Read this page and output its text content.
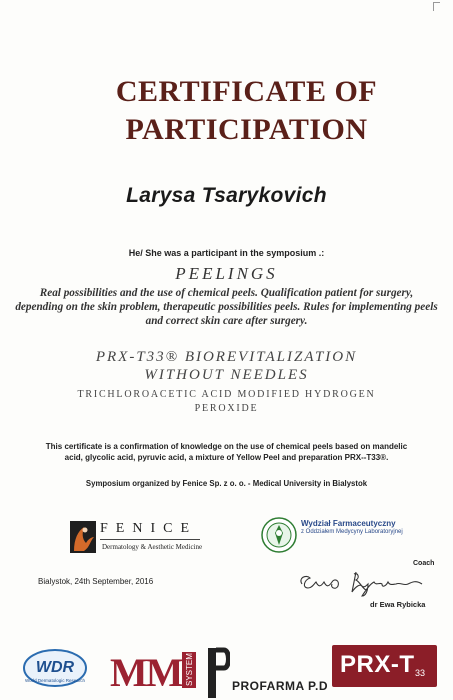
CERTIFICATE OF
PARTICIPATION
Larysa Tsarykovich
He/ She was a participant in the symposium .:
PEELINGS
Real possibilities and the use of chemical peels. Qualification patient for surgery,
depending on the skin problem, therapeutic possibilities peels. Rules for implementing peels
and correct skin care after surgery.
PRX-T33® BIOREVITALIZATION
WITHOUT NEEDLES
TRICHLOROACETIC ACID MODIFIED HYDROGEN
PEROXIDE
This certificate is a confirmation of knowledge on the use of chemical peels based on mandelic
acid, glycolic acid, pyruvic acid, a mixture of Yellow Peel and preparation PRX--T33®.
Symposium organized by Fenice Sp. z o. o. - Medical University in Bialystok
FENICE
Dermatology & Aesthetic Medicine
Wydział Farmaceutyczny
z Oddziałem Medycyny Laboratoryjnej
Bialystok, 24th September, 2016
Coach
dr Ewa Rybicka
WDR
World Dermatologic Research MM SYSTEM	PROFARMA P.D
PRX-T 33
